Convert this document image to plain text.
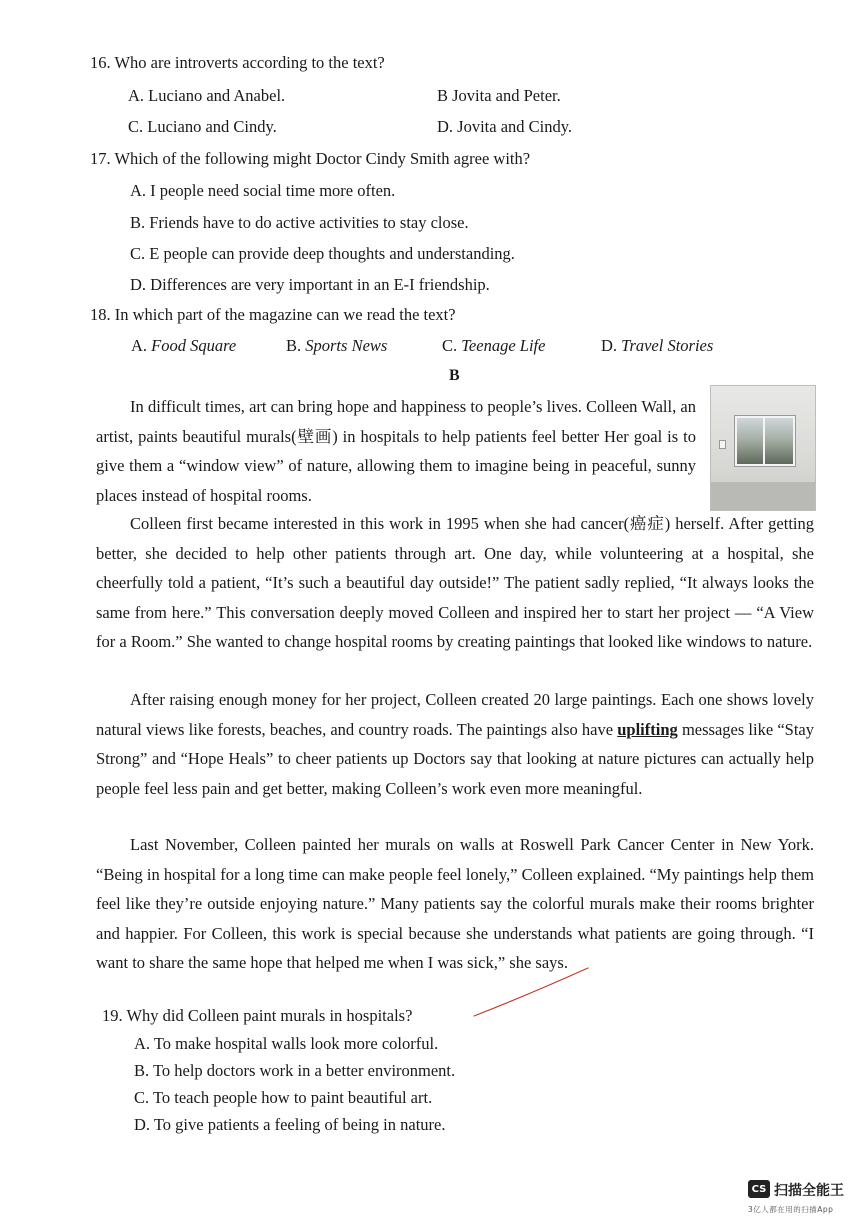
16. Who are introverts according to the text?
A. Luciano and Anabel.	B Jovita and Peter.
C. Luciano and Cindy.	D. Jovita and Cindy.
17. Which of the following might Doctor Cindy Smith agree with?
A. I people need social time more often.
B. Friends have to do active activities to stay close.
C. E people can provide deep thoughts and understanding.
D. Differences are very important in an E-I friendship.
18. In which part of the magazine can we read the text?
A. Food Square	B. Sports News	C. Teenage Life	D. Travel Stories
B
In difficult times, art can bring hope and happiness to people’s lives. Colleen Wall, an artist, paints beautiful murals(壁画) in hospitals to help patients feel better Her goal is to give them a “window view” of nature, allowing them to imagine being in peaceful, sunny places instead of hospital rooms.
Colleen first became interested in this work in 1995 when she had cancer(癌症) herself. After getting better, she decided to help other patients through art. One day, while volunteering at a hospital, she cheerfully told a patient, “It’s such a beautiful day outside!” The patient sadly replied, “It always looks the same from here.” This conversation deeply moved Colleen and inspired her to start her project — “A View for a Room.” She wanted to change hospital rooms by creating paintings that looked like windows to nature.
After raising enough money for her project, Colleen created 20 large paintings. Each one shows lovely natural views like forests, beaches, and country roads. The paintings also have uplifting messages like “Stay Strong” and “Hope Heals” to cheer patients up Doctors say that looking at nature pictures can actually help people feel less pain and get better, making Colleen’s work even more meaningful.
Last November, Colleen painted her murals on walls at Roswell Park Cancer Center in New York. “Being in hospital for a long time can make people feel lonely,” Colleen explained. “My paintings help them feel like they’re outside enjoying nature.” Many patients say the colorful murals make their rooms brighter and happier. For Colleen, this work is special because she understands what patients are going through. “I want to share the same hope that helped me when I was sick,” she says.
19. Why did Colleen paint murals in hospitals?
A. To make hospital walls look more colorful.
B. To help doctors work in a better environment.
C. To teach people how to paint beautiful art.
D. To give patients a feeling of being in nature.
CS 扫描全能王
3亿人都在用的扫描App
